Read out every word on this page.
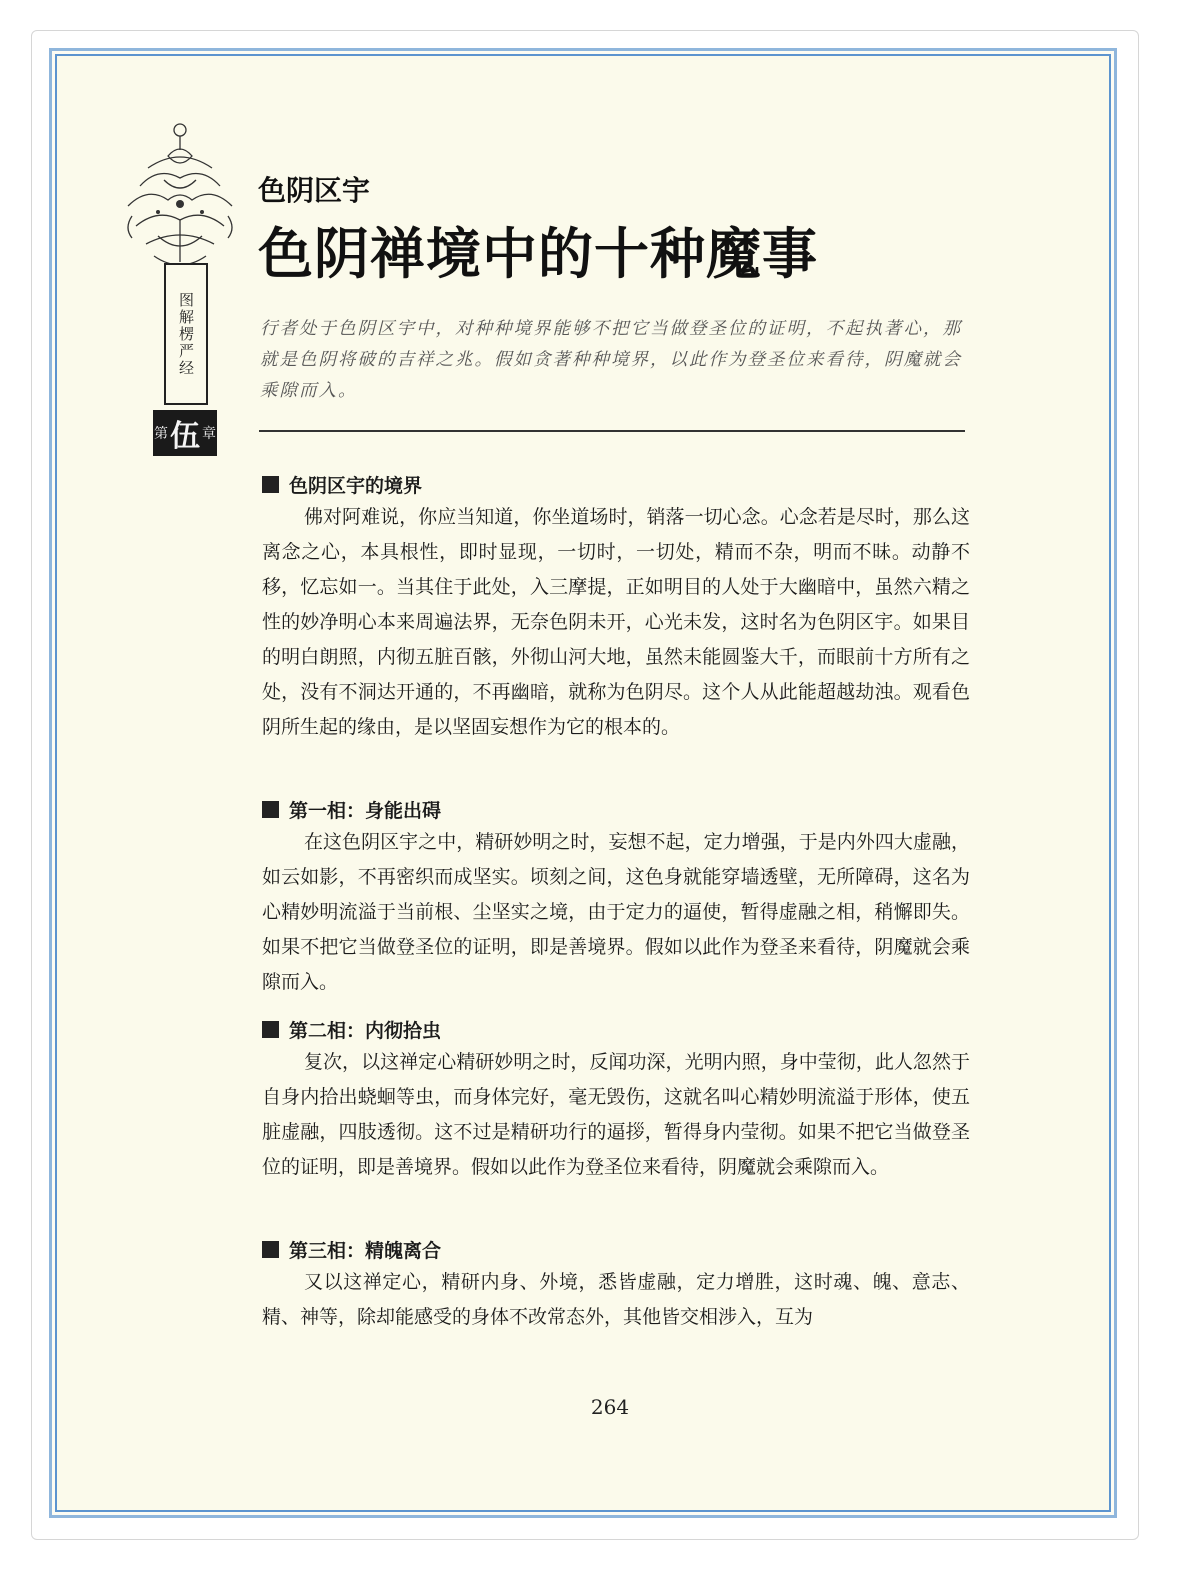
图解楞严经
第 伍 章
色阴区宇
色阴禅境中的十种魔事
行者处于色阴区宇中，对种种境界能够不把它当做登圣位的证明，不起执著心，那就是色阴将破的吉祥之兆。假如贪著种种境界，以此作为登圣位来看待，阴魔就会乘隙而入。
色阴区宇的境界
佛对阿难说，你应当知道，你坐道场时，销落一切心念。心念若是尽时，那么这离念之心，本具根性，即时显现，一切时，一切处，精而不杂，明而不昧。动静不移，忆忘如一。当其住于此处，入三摩提，正如明目的人处于大幽暗中，虽然六精之性的妙净明心本来周遍法界，无奈色阴未开，心光未发，这时名为色阴区宇。如果目的明白朗照，内彻五脏百骸，外彻山河大地，虽然未能圆鉴大千，而眼前十方所有之处，没有不洞达开通的，不再幽暗，就称为色阴尽。这个人从此能超越劫浊。观看色阴所生起的缘由，是以坚固妄想作为它的根本的。
第一相：身能出碍
在这色阴区宇之中，精研妙明之时，妄想不起，定力增强，于是内外四大虚融，如云如影，不再密织而成坚实。顷刻之间，这色身就能穿墙透壁，无所障碍，这名为心精妙明流溢于当前根、尘坚实之境，由于定力的逼使，暂得虚融之相，稍懈即失。如果不把它当做登圣位的证明，即是善境界。假如以此作为登圣来看待，阴魔就会乘隙而入。
第二相：内彻拾虫
复次，以这禅定心精研妙明之时，反闻功深，光明内照，身中莹彻，此人忽然于自身内拾出蛲蛔等虫，而身体完好，毫无毁伤，这就名叫心精妙明流溢于形体，使五脏虚融，四肢透彻。这不过是精研功行的逼拶，暂得身内莹彻。如果不把它当做登圣位的证明，即是善境界。假如以此作为登圣位来看待，阴魔就会乘隙而入。
第三相：精魄离合
又以这禅定心，精研内身、外境，悉皆虚融，定力增胜，这时魂、魄、意志、精、神等，除却能感受的身体不改常态外，其他皆交相涉入，互为
264
